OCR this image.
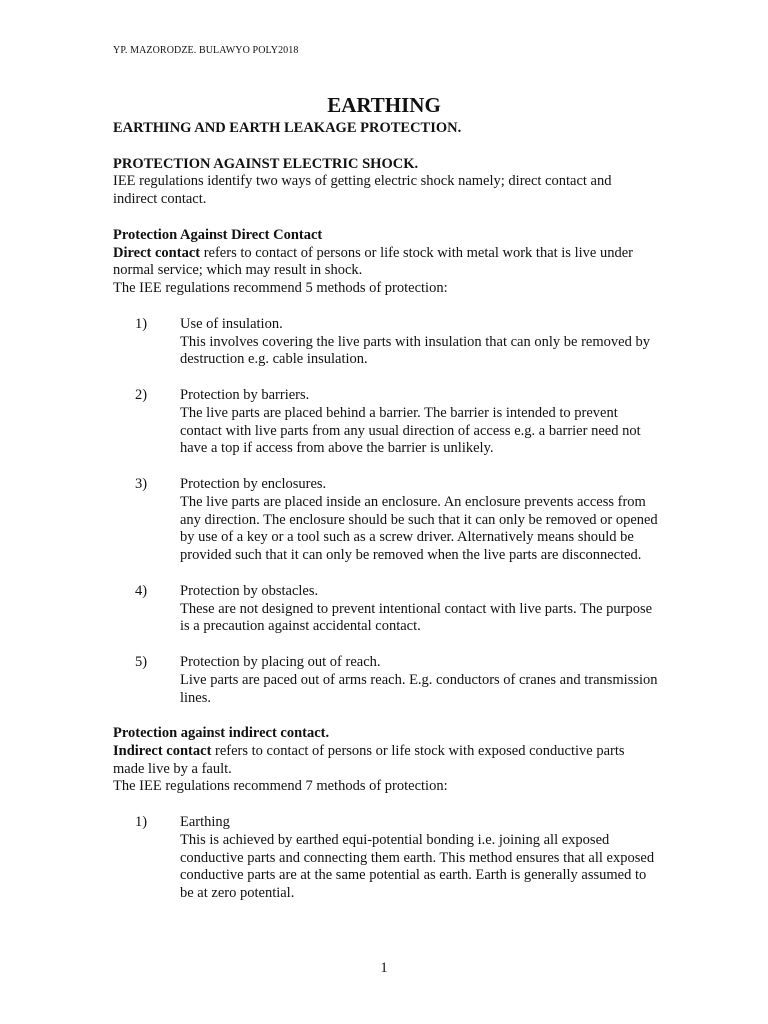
YP. MAZORODZE. BULAWYO POLY2018
EARTHING

EARTHING AND EARTH LEAKAGE PROTECTION.

PROTECTION AGAINST ELECTRIC SHOCK.

IEE regulations identify two ways of getting electric shock namely; direct contact and indirect contact.

Protection Against Direct Contact

Direct contact refers to contact of persons or life stock with metal work that is live under normal service; which may result in shock.

The IEE regulations recommend 5 methods of protection:

1) Use of insulation.

This involves covering the live parts with insulation that can only be removed by destruction e.g. cable insulation.

2) Protection by barriers.

The live parts are placed behind a barrier. The barrier is intended to prevent contact with live parts from any usual direction of access e.g. a barrier need not have a top if access from above the barrier is unlikely.

3) Protection by enclosures.

The live parts are placed inside an enclosure. An enclosure prevents access from any direction. The enclosure should be such that it can only be removed or opened by use of a key or a tool such as a screw driver. Alternatively means should be provided such that it can only be removed when the live parts are disconnected.

4) Protection by obstacles.

These are not designed to prevent intentional contact with live parts. The purpose is a precaution against accidental contact.

5) Protection by placing out of reach.

Live parts are paced out of arms reach. E.g. conductors of cranes and transmission lines.

Protection against indirect contact.

Indirect contact refers to contact of persons or life stock with exposed conductive parts made live by a fault.

The IEE regulations recommend 7 methods of protection:

1) Earthing

This is achieved by earthed equi-potential bonding i.e. joining all exposed conductive parts and connecting them earth. This method ensures that all exposed conductive parts are at the same potential as earth. Earth is generally assumed to be at zero potential.

1
